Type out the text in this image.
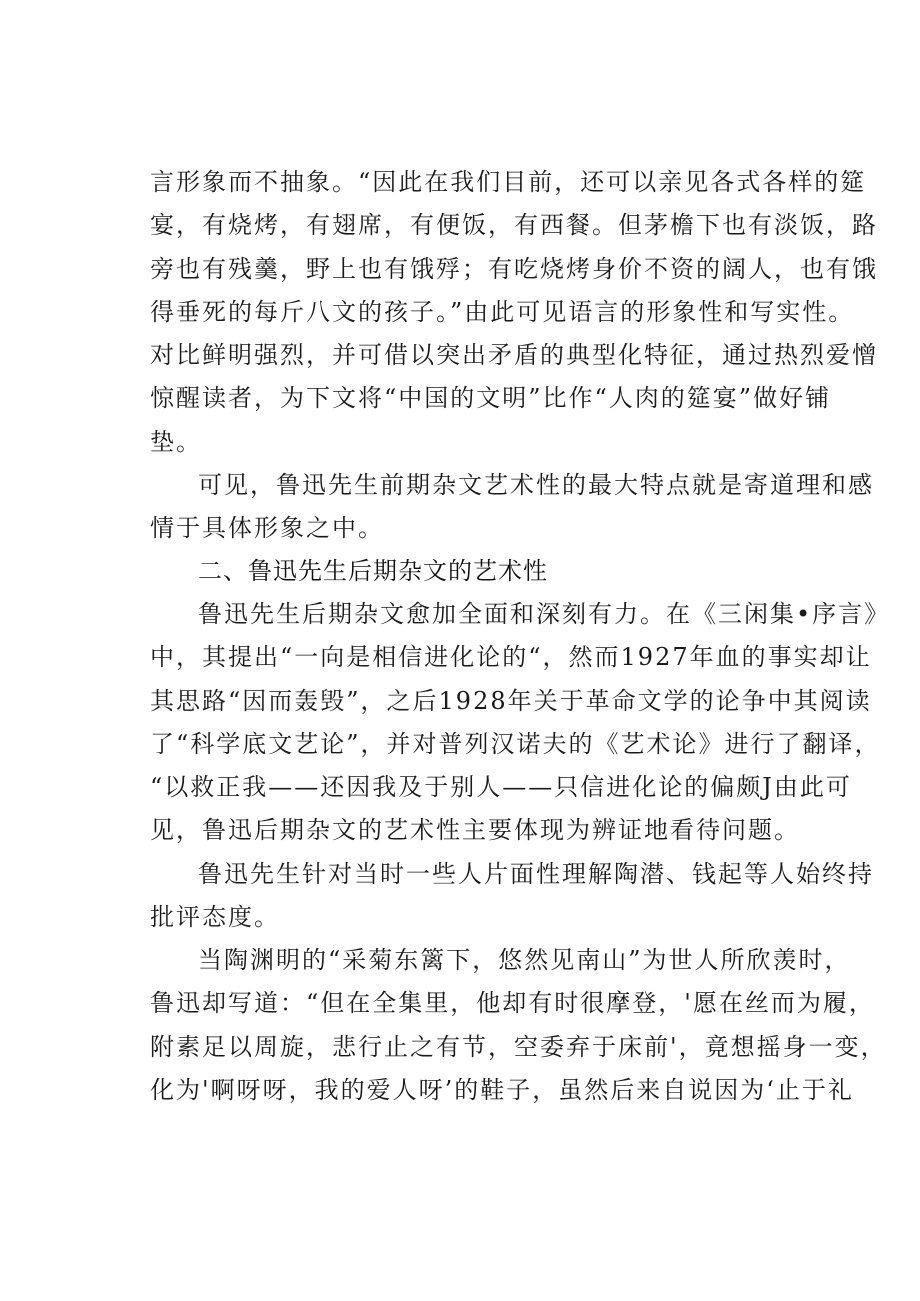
言形象而不抽象。“因此在我们目前，还可以亲见各式各样的筵
宴，有烧烤，有翅席，有便饭，有西餐。但茅檐下也有淡饭，路
旁也有残羹，野上也有饿殍；有吃烧烤身价不资的阔人，也有饿
得垂死的每斤八文的孩子。”由此可见语言的形象性和写实性。
对比鲜明强烈，并可借以突出矛盾的典型化特征，通过热烈爱憎
惊醒读者，为下文将“中国的文明”比作“人肉的筵宴”做好铺
垫。
可见，鲁迅先生前期杂文艺术性的最大特点就是寄道理和感
情于具体形象之中。
二、鲁迅先生后期杂文的艺术性
鲁迅先生后期杂文愈加全面和深刻有力。在《三闲集•序言》
中，其提出“一向是相信进化论的“，然而1927年血的事实却让
其思路“因而轰毁”，之后1928年关于革命文学的论争中其阅读
了“科学底文艺论”，并对普列汉诺夫的《艺术论》进行了翻译，
“以救正我——还因我及于别人——只信进化论的偏颇J由此可
见，鲁迅后期杂文的艺术性主要体现为辨证地看待问题。
鲁迅先生针对当时一些人片面性理解陶潜、钱起等人始终持
批评态度。
当陶渊明的“采菊东篱下，悠然见南山”为世人所欣羡时，
鲁迅却写道：“但在全集里，他却有时很摩登，'愿在丝而为履，
附素足以周旋，悲行止之有节，空委弃于床前'，竟想摇身一变，
化为'啊呀呀，我的爱人呀’的鞋子，虽然后来自说因为‘止于礼
